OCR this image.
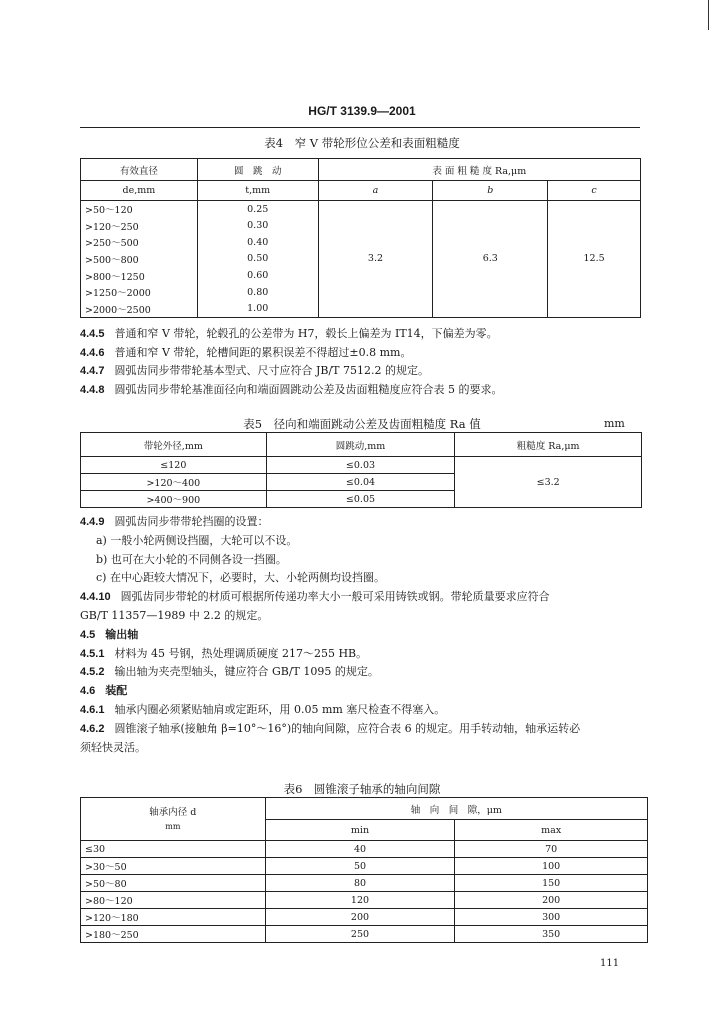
HG/T 3139.9—2001
表4　窄 V 带轮形位公差和表面粗糙度
有效直径	圆　跳　动	表 面 粗 糙 度 Ra,μm		
de,mm	t,mm	a	b	c
>50～120	0.25	3.2	6.3	12.5
>120～250	0.30			
>250～500	0.40			
>500～800	0.50			
>800～1250	0.60			
>1250～2000	0.80			
>2000～2500	1.00			
4.4.5 普通和窄 V 带轮，轮毂孔的公差带为 H7，毂长上偏差为 IT14，下偏差为零。
4.4.6 普通和窄 V 带轮，轮槽间距的累积误差不得超过±0.8 mm。
4.4.7 圆弧齿同步带带轮基本型式、尺寸应符合 JB/T 7512.2 的规定。
4.4.8 圆弧齿同步带轮基准面径向和端面圆跳动公差及齿面粗糙度应符合表 5 的要求。
表5　径向和端面跳动公差及齿面粗糙度 Ra 值	mm
带轮外径,mm	圆跳动,mm	粗糙度 Ra,μm
≤120	≤0.03	≤3.2
>120～400	≤0.04	
>400～900	≤0.05	
4.4.9 圆弧齿同步带带轮挡圈的设置：
a) 一般小轮两侧设挡圈，大轮可以不设。
b) 也可在大小轮的不同侧各设一挡圈。
c) 在中心距较大情况下，必要时，大、小轮两侧均设挡圈。
4.4.10 圆弧齿同步带轮的材质可根据所传递功率大小一般可采用铸铁或钢。带轮质量要求应符合
GB/T 11357—1989 中 2.2 的规定。
4.5 输出轴
4.5.1 材料为 45 号钢，热处理调质硬度 217～255 HB。
4.5.2 输出轴为夹壳型轴头，键应符合 GB/T 1095 的规定。
4.6 装配
4.6.1 轴承内圈必须紧贴轴肩或定距环，用 0.05 mm 塞尺检查不得塞入。
4.6.2 圆锥滚子轴承(接触角 β=10°～16°)的轴向间隙，应符合表 6 的规定。用手转动轴，轴承运转必
须轻快灵活。
表6　圆锥滚子轴承的轴向间隙
轴承内径 d
mm	轴　向　间　隙，μm	
	min	max
≤30	40	70
>30～50	50	100
>50～80	80	150
>80～120	120	200
>120～180	200	300
>180～250	250	350
111
